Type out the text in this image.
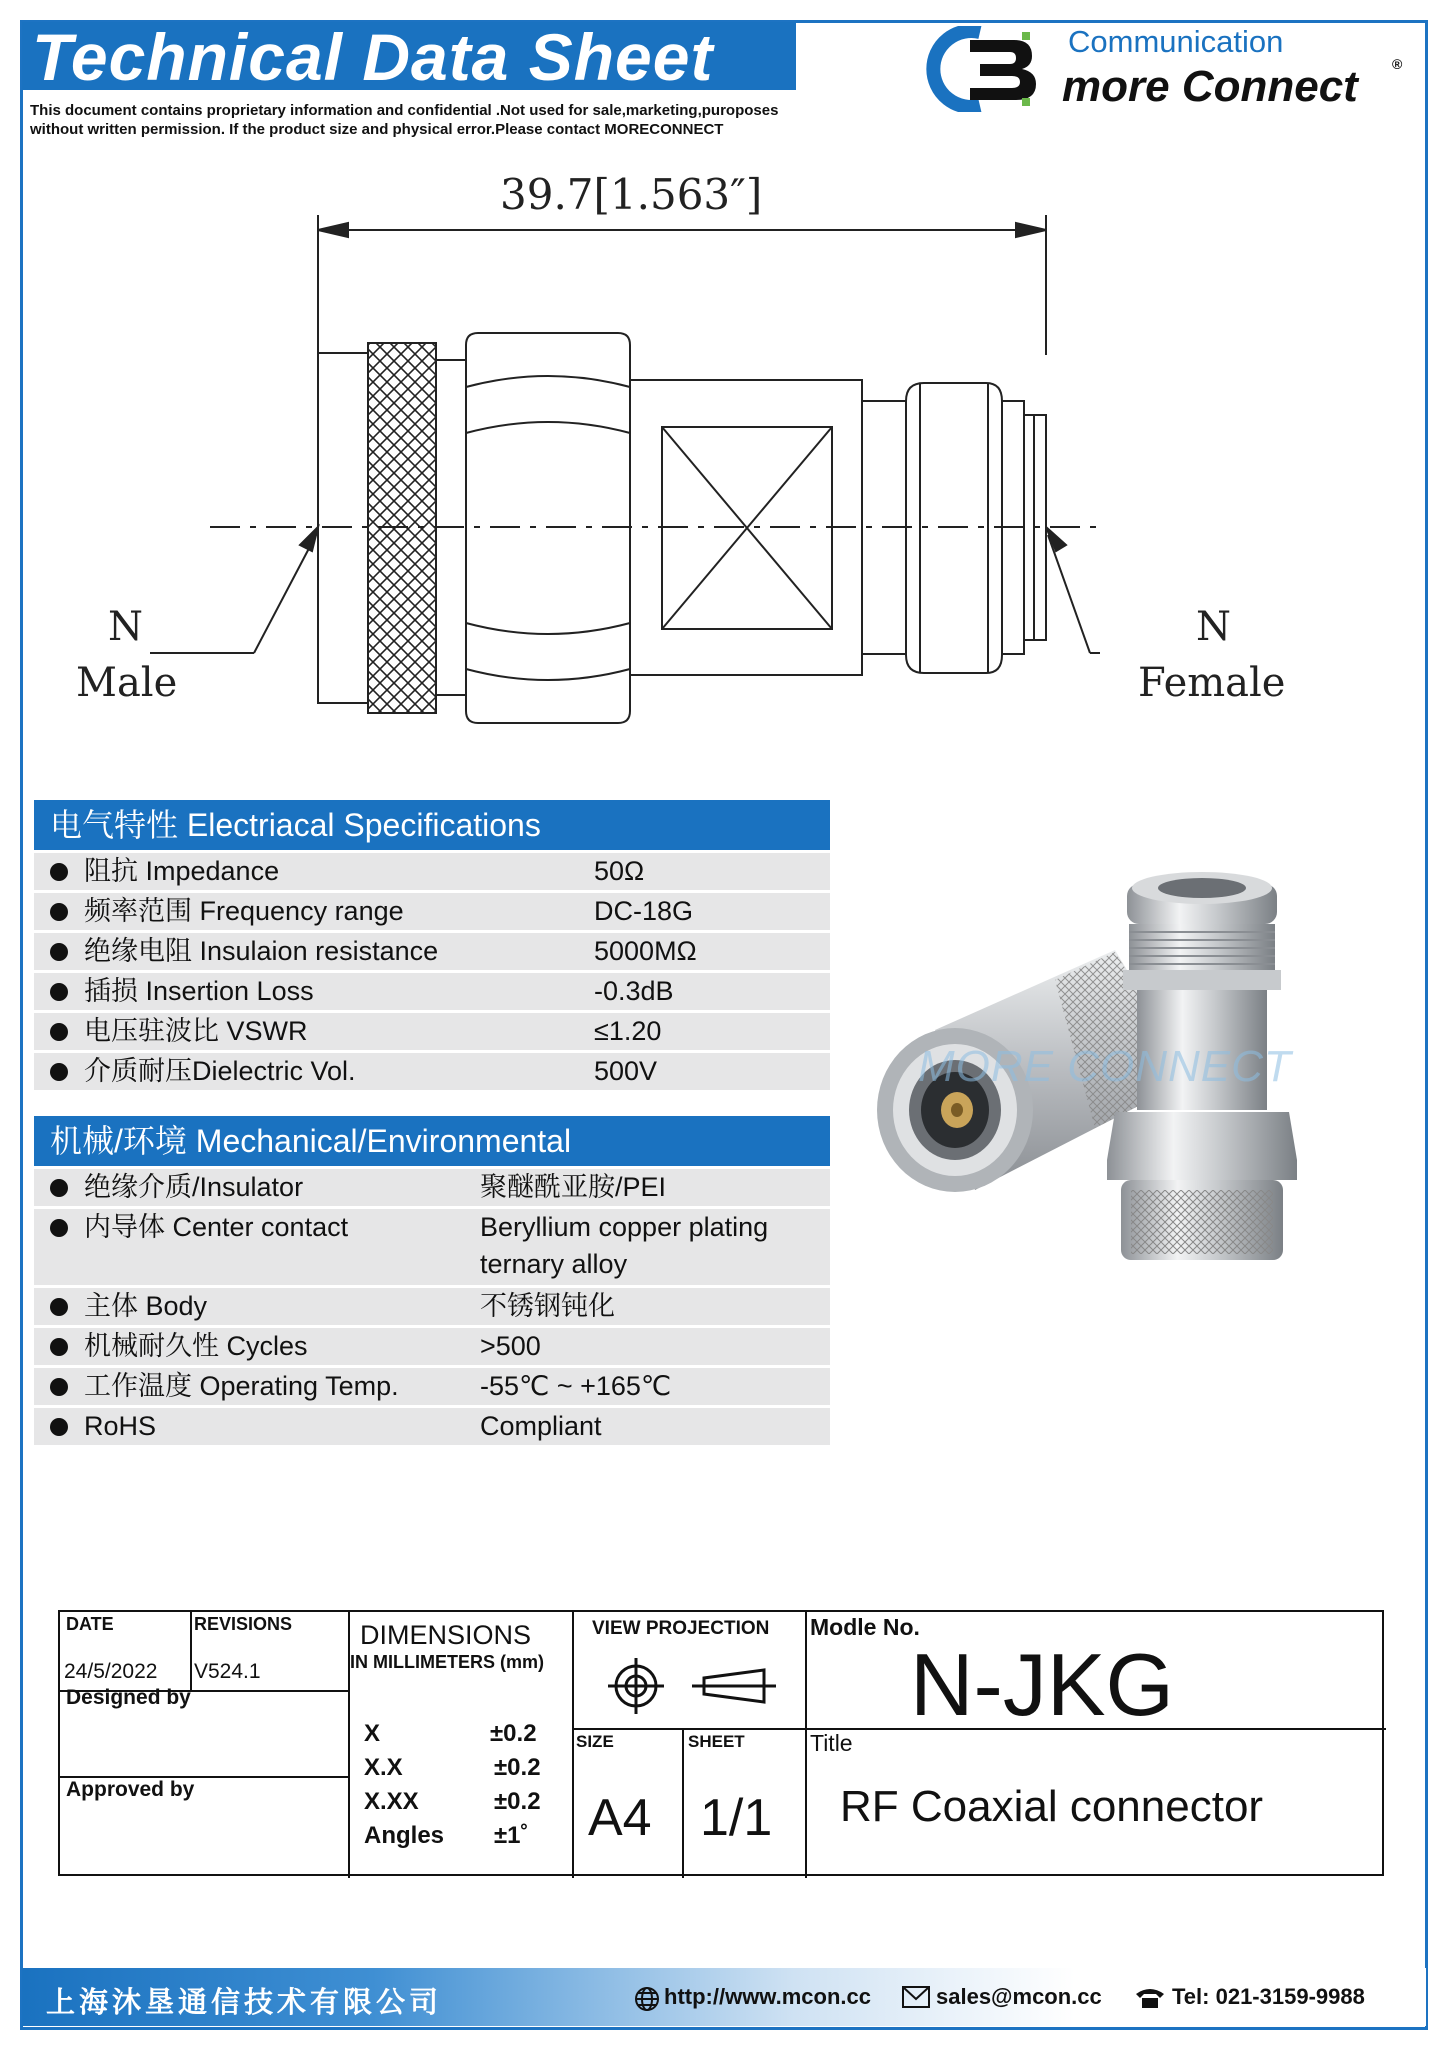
Technical Data Sheet
This document contains proprietary information and confidential .Not used for sale,marketing,puroposes
without written permission. If the product size and physical error.Please contact MORECONNECT
Communication
more Connect ®
39.7[1.563″]
N
Male
N
Female
电气特性 Electriacal Specifications
阻抗 Impedance	50Ω
频率范围 Frequency range	DC-18G
绝缘电阻 Insulaion resistance	5000MΩ
插损 Insertion Loss	-0.3dB
电压驻波比 VSWR	≤1.20
介质耐压Dielectric Vol.	500V
机械/环境 Mechanical/Environmental
绝缘介质/Insulator	聚醚酰亚胺/PEI
内导体 Center contact	Beryllium copper plating
ternary alloy
主体 Body	不锈钢钝化
机械耐久性 Cycles	>500
工作温度 Operating Temp.	-55℃ ~ +165℃
RoHS	Compliant
MORE CONNECT
DATE
24/5/2022
REVISIONS
V524.1
Designed by
Approved by
DIMENSIONS
IN MILLIMETERS (mm)
X	±0.2
X.X	±0.2
X.XX	±0.2
Angles ±1˚
VIEW PROJECTION
SIZE
A4
SHEET
1/1
Modle No.
N-JKG
Title
RF Coaxial connector
上海沐垦通信技术有限公司	http://www.mcon.cc	sales@mcon.cc	Tel: 021-3159-9988
